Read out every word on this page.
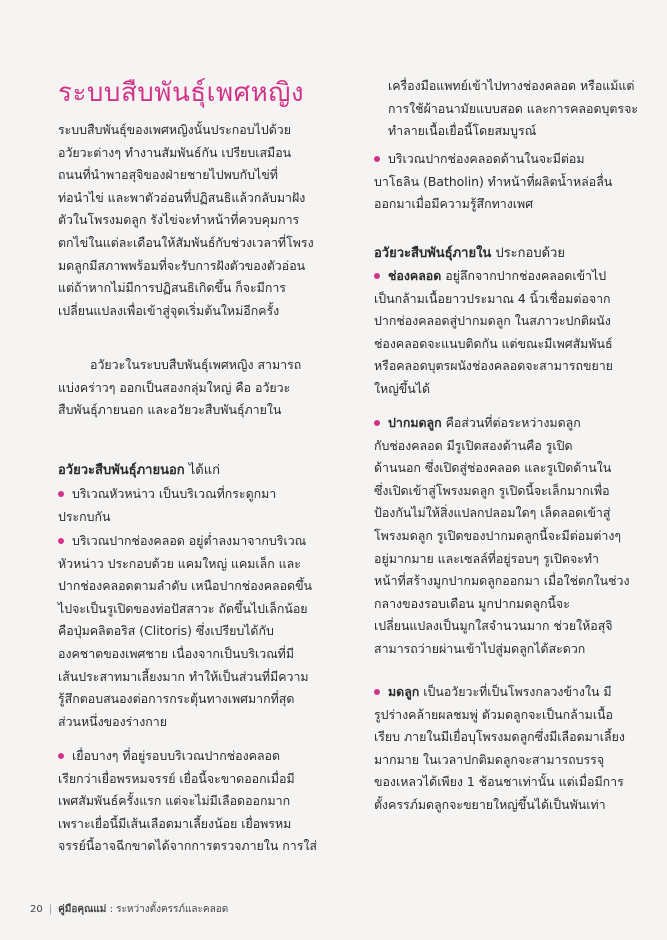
ระบบสืบพันธุ์เพศหญิง
ระบบสืบพันธุ์ของเพศหญิงนั้นประกอบไปด้วย
อวัยวะต่างๆ ทำงานสัมพันธ์กัน เปรียบเสมือน
ถนนที่นำพาอสุจิของฝ่ายชายไปพบกับไข่ที่
ท่อนำไข่ และพาตัวอ่อนที่ปฏิสนธิแล้วกลับมาฝัง
ตัวในโพรงมดลูก รังไข่จะทำหน้าที่ควบคุมการ
ตกไข่ในแต่ละเดือนให้สัมพันธ์กับช่วงเวลาที่โพรง
มดลูกมีสภาพพร้อมที่จะรับการฝังตัวของตัวอ่อน
แต่ถ้าหากไม่มีการปฏิสนธิเกิดขึ้น ก็จะมีการ
เปลี่ยนแปลงเพื่อเข้าสู่จุดเริ่มต้นใหม่อีกครั้ง
อวัยวะในระบบสืบพันธุ์เพศหญิง สามารถ
แบ่งคร่าวๆ ออกเป็นสองกลุ่มใหญ่ คือ อวัยวะ
สืบพันธุ์ภายนอก และอวัยวะสืบพันธุ์ภายใน
อวัยวะสืบพันธุ์ภายนอก ได้แก่
บริเวณหัวหน่าว เป็นบริเวณที่กระดูกมา
ประกบกัน
บริเวณปากช่องคลอด อยู่ต่ำลงมาจากบริเวณ
หัวหน่าว ประกอบด้วย แคมใหญ่ แคมเล็ก และ
ปากช่องคลอดตามลำดับ เหนือปากช่องคลอดขึ้น
ไปจะเป็นรูเปิดของท่อปัสสาวะ ถัดขึ้นไปเล็กน้อย
คือปุ่มคลิตอริส (Clitoris) ซึ่งเปรียบได้กับ
องคชาตของเพศชาย เนื่องจากเป็นบริเวณที่มี
เส้นประสาทมาเลี้ยงมาก ทำให้เป็นส่วนที่มีความ
รู้สึกตอบสนองต่อการกระตุ้นทางเพศมากที่สุด
ส่วนหนึ่งของร่างกาย
เยื่อบางๆ ที่อยู่รอบบริเวณปากช่องคลอด
เรียกว่าเยื่อพรหมจรรย์ เยื่อนี้จะขาดออกเมื่อมี
เพศสัมพันธ์ครั้งแรก แต่จะไม่มีเลือดออกมาก
เพราะเยื่อนี้มีเส้นเลือดมาเลี้ยงน้อย เยื่อพรหม
จรรย์นี้อาจฉีกขาดได้จากการตรวจภายใน การใส่
เครื่องมือแพทย์เข้าไปทางช่องคลอด หรือแม้แต่
การใช้ผ้าอนามัยแบบสอด และการคลอดบุตรจะ
ทำลายเนื้อเยื่อนี้โดยสมบูรณ์
บริเวณปากช่องคลอดด้านในจะมีต่อม
บาโธลิน (Batholin) ทำหน้าที่ผลิตน้ำหล่อลื่น
ออกมาเมื่อมีความรู้สึกทางเพศ
อวัยวะสืบพันธุ์ภายใน ประกอบด้วย
ช่องคลอด อยู่ลึกจากปากช่องคลอดเข้าไป
เป็นกล้ามเนื้อยาวประมาณ 4 นิ้วเชื่อมต่อจาก
ปากช่องคลอดสู่ปากมดลูก ในสภาวะปกติผนัง
ช่องคลอดจะแนบติดกัน แต่ขณะมีเพศสัมพันธ์
หรือคลอดบุตรผนังช่องคลอดจะสามารถขยาย
ใหญ่ขึ้นได้
ปากมดลูก คือส่วนที่ต่อระหว่างมดลูก
กับช่องคลอด มีรูเปิดสองด้านคือ รูเปิด
ด้านนอก ซึ่งเปิดสู่ช่องคลอด และรูเปิดด้านใน
ซึ่งเปิดเข้าสู่โพรงมดลูก รูเปิดนี้จะเล็กมากเพื่อ
ป้องกันไม่ให้สิ่งแปลกปลอมใดๆ เล็ดลอดเข้าสู่
โพรงมดลูก รูเปิดของปากมดลูกนี้จะมีต่อมต่างๆ
อยู่มากมาย และเซลล์ที่อยู่รอบๆ รูเปิดจะทำ
หน้าที่สร้างมูกปากมดลูกออกมา เมื่อใช่ตกในช่วง
กลางของรอบเดือน มูกปากมดลูกนี้จะ
เปลี่ยนแปลงเป็นมูกใสจำนวนมาก ช่วยให้อสุจิ
สามารถว่ายผ่านเข้าไปสู่มดลูกได้สะดวก
มดลูก เป็นอวัยวะที่เป็นโพรงกลวงข้างใน มี
รูปร่างคล้ายผลชมพู่ ตัวมดลูกจะเป็นกล้ามเนื้อ
เรียบ ภายในมีเยื่อบุโพรงมดลูกซึ่งมีเลือดมาเลี้ยง
มากมาย ในเวลาปกติมดลูกจะสามารถบรรจุ
ของเหลวได้เพียง 1 ช้อนชาเท่านั้น แต่เมื่อมีการ
ตั้งครรภ์มดลูกจะขยายใหญ่ขึ้นได้เป็นพันเท่า
20 | คู่มือคุณแม่ : ระหว่างตั้งครรภ์และคลอด
